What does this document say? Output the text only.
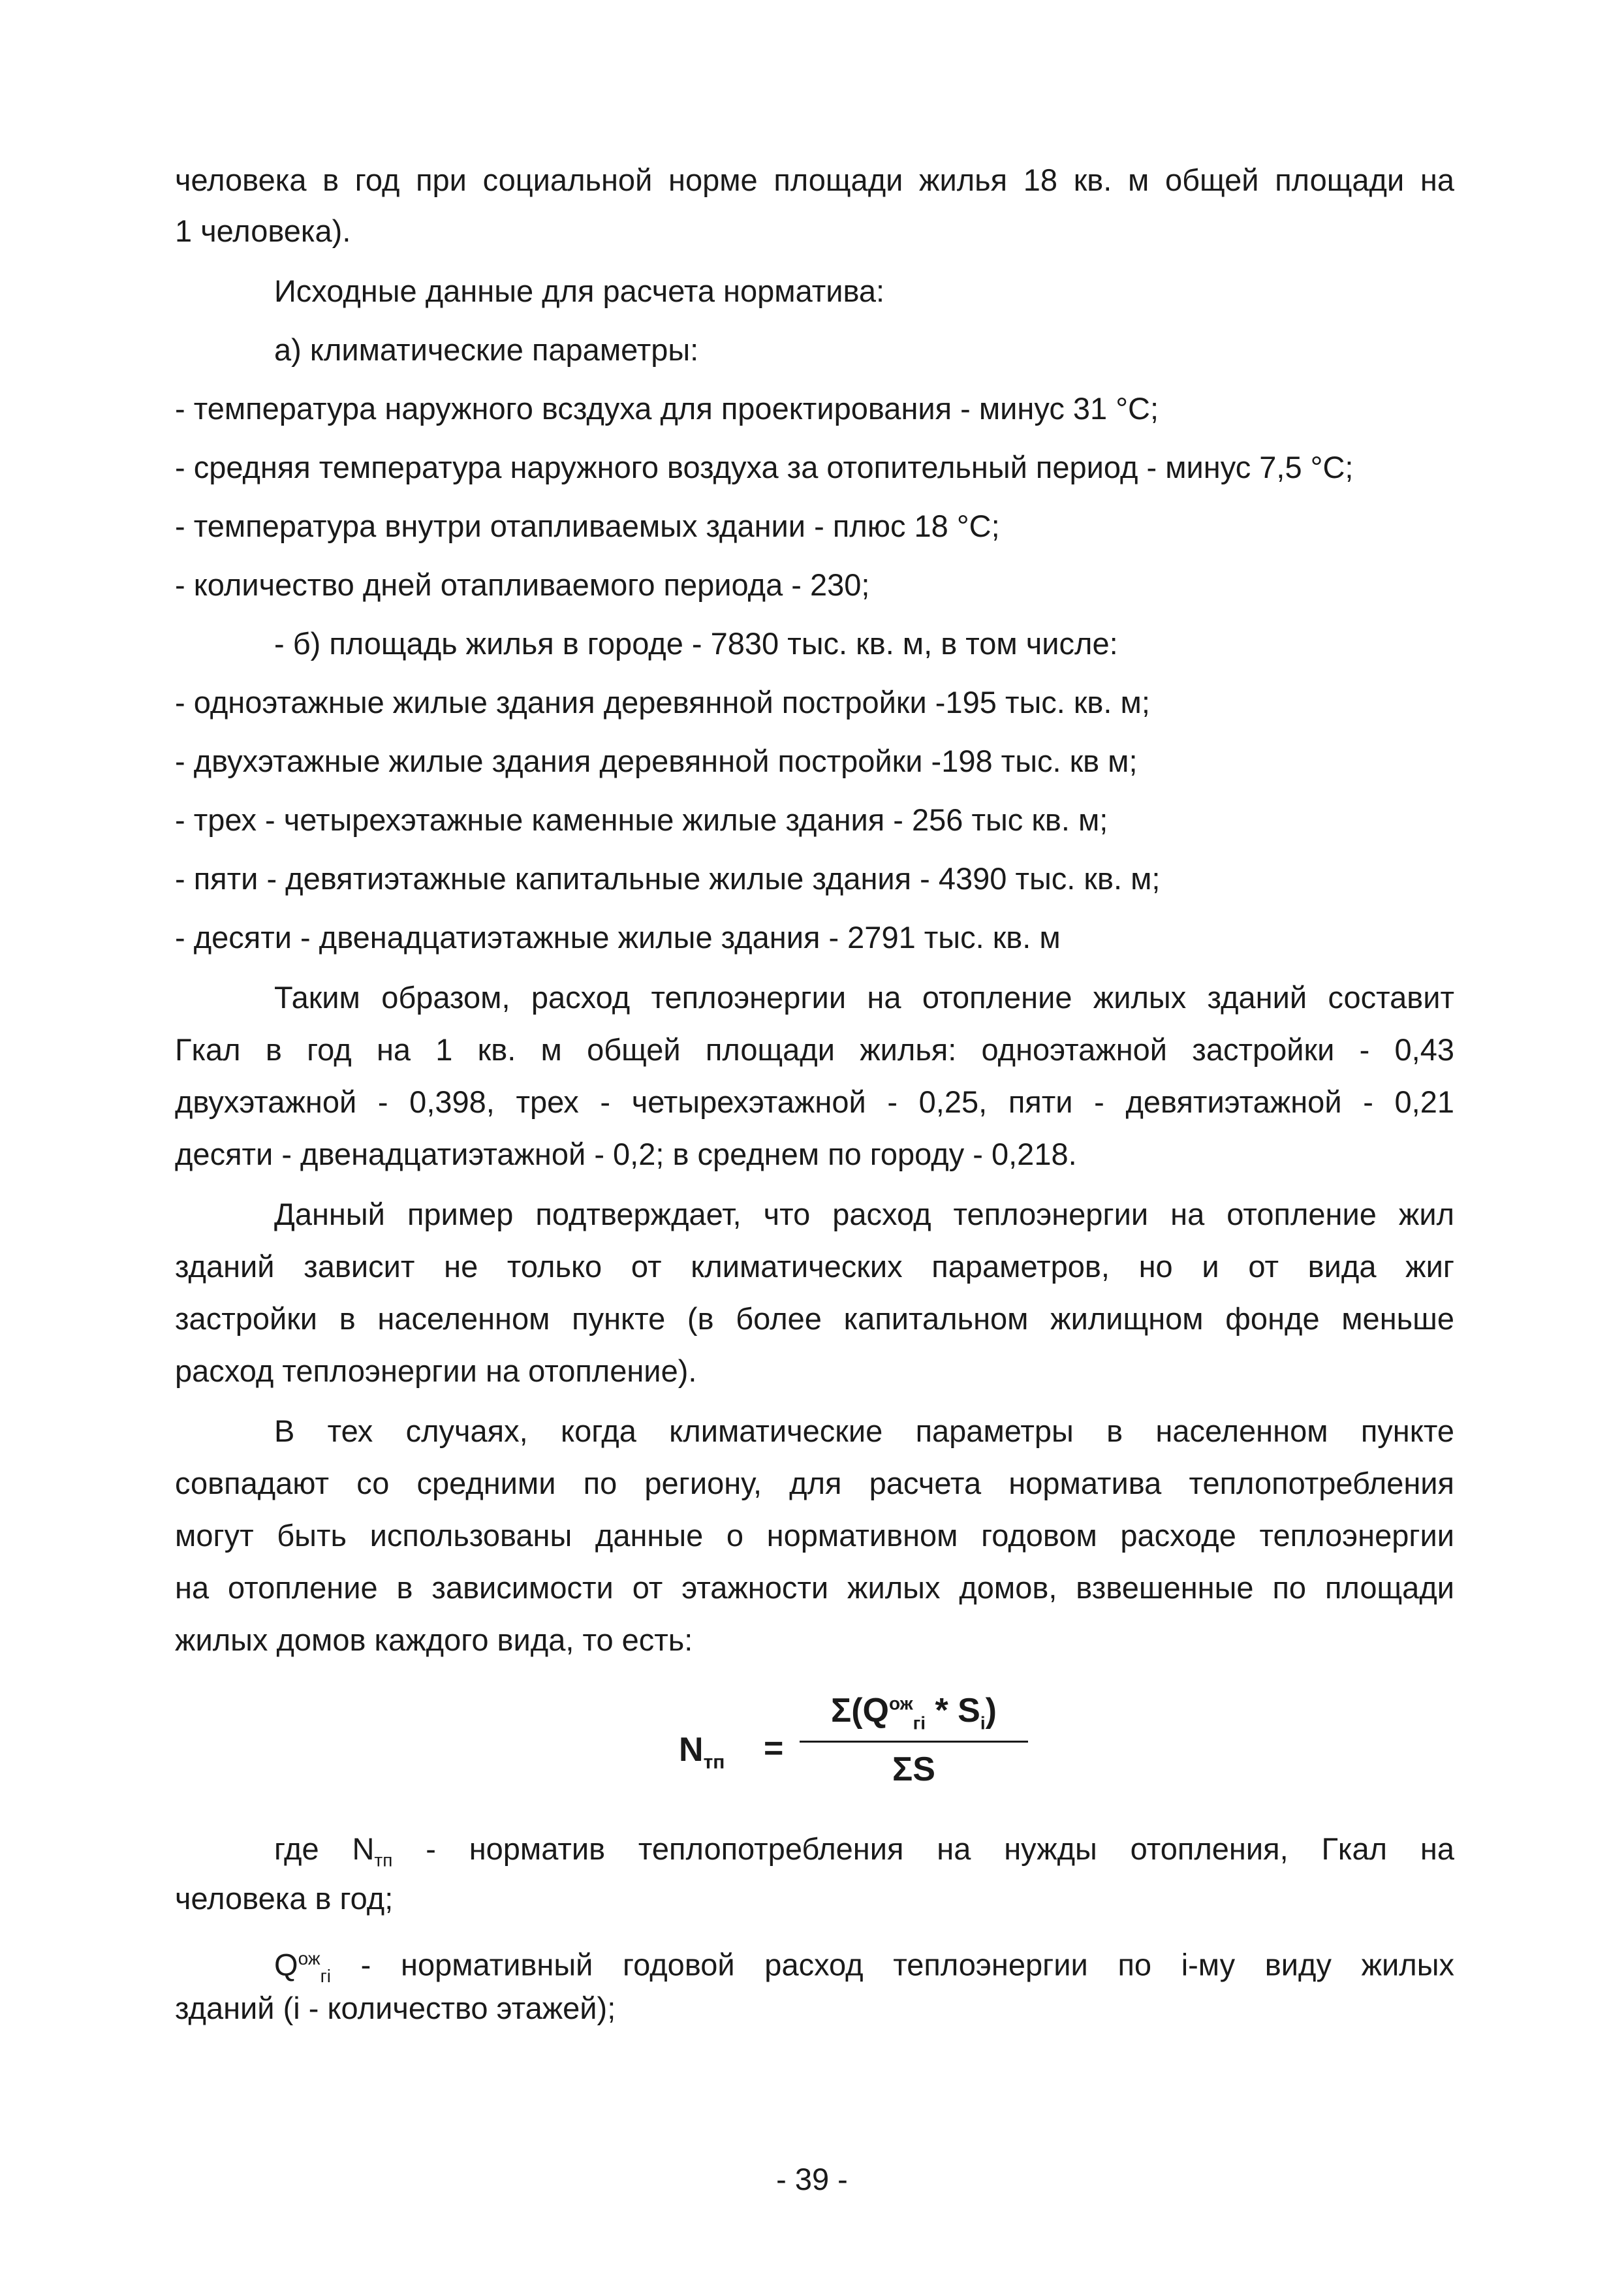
человека в год при социальной норме площади жилья 18 кв. м общей площади на
1 человека).
Исходные данные для расчета норматива:
а) климатические параметры:
- температура наружного всздуха для проектирования - минус 31 °С;
- средняя температура наружного воздуха за отопительный период - минус 7,5 °С;
- температура внутри отапливаемых здании - плюс 18 °С;
- количество дней отапливаемого периода - 230;
- б) площадь жилья в городе - 7830 тыс. кв. м, в том числе:
- одноэтажные жилые здания деревянной постройки -195 тыс. кв. м;
- двухэтажные жилые здания деревянной постройки -198 тыс. кв м;
- трех - четырехэтажные каменные жилые здания - 256 тыс кв. м;
- пяти - девятиэтажные капитальные жилые здания - 4390 тыс. кв. м;
- десяти - двенадцатиэтажные жилые здания - 2791 тыс. кв. м
Таким образом, расход теплоэнергии на отопление жилых зданий составит
Гкал в год на 1 кв. м общей площади жилья: одноэтажной застройки - 0,43
двухэтажной - 0,398, трех - четырехэтажной - 0,25, пяти - девятиэтажной - 0,21
десяти - двенадцатиэтажной - 0,2; в среднем по городу - 0,218.
Данный пример подтверждает, что расход теплоэнергии на отопление жил
зданий зависит не только от климатических параметров, но и от вида жиг
застройки в населенном пункте (в более капитальном жилищном фонде меньше
расход теплоэнергии на отопление).
В тех случаях, когда климатические параметры в населенном пункте
совпадают со средними по региону, для расчета норматива теплопотребления
могут быть использованы данные о нормативном годовом расходе теплоэнергии
на отопление в зависимости от этажности жилых домов, взвешенные по площади
жилых домов каждого вида, то есть:
$N_{тп}$ =
$\Sigma(Q^{ож}_{гi} * S_i)$
ΣS
где $N_{тп}$ - норматив теплопотребления на нужды отопления, Гкал на
человека в год;
$Q^{ож}_{гi}$ - нормативный годовой расход теплоэнергии по i-му виду жилых
зданий (i - количество этажей);
- 39 -
